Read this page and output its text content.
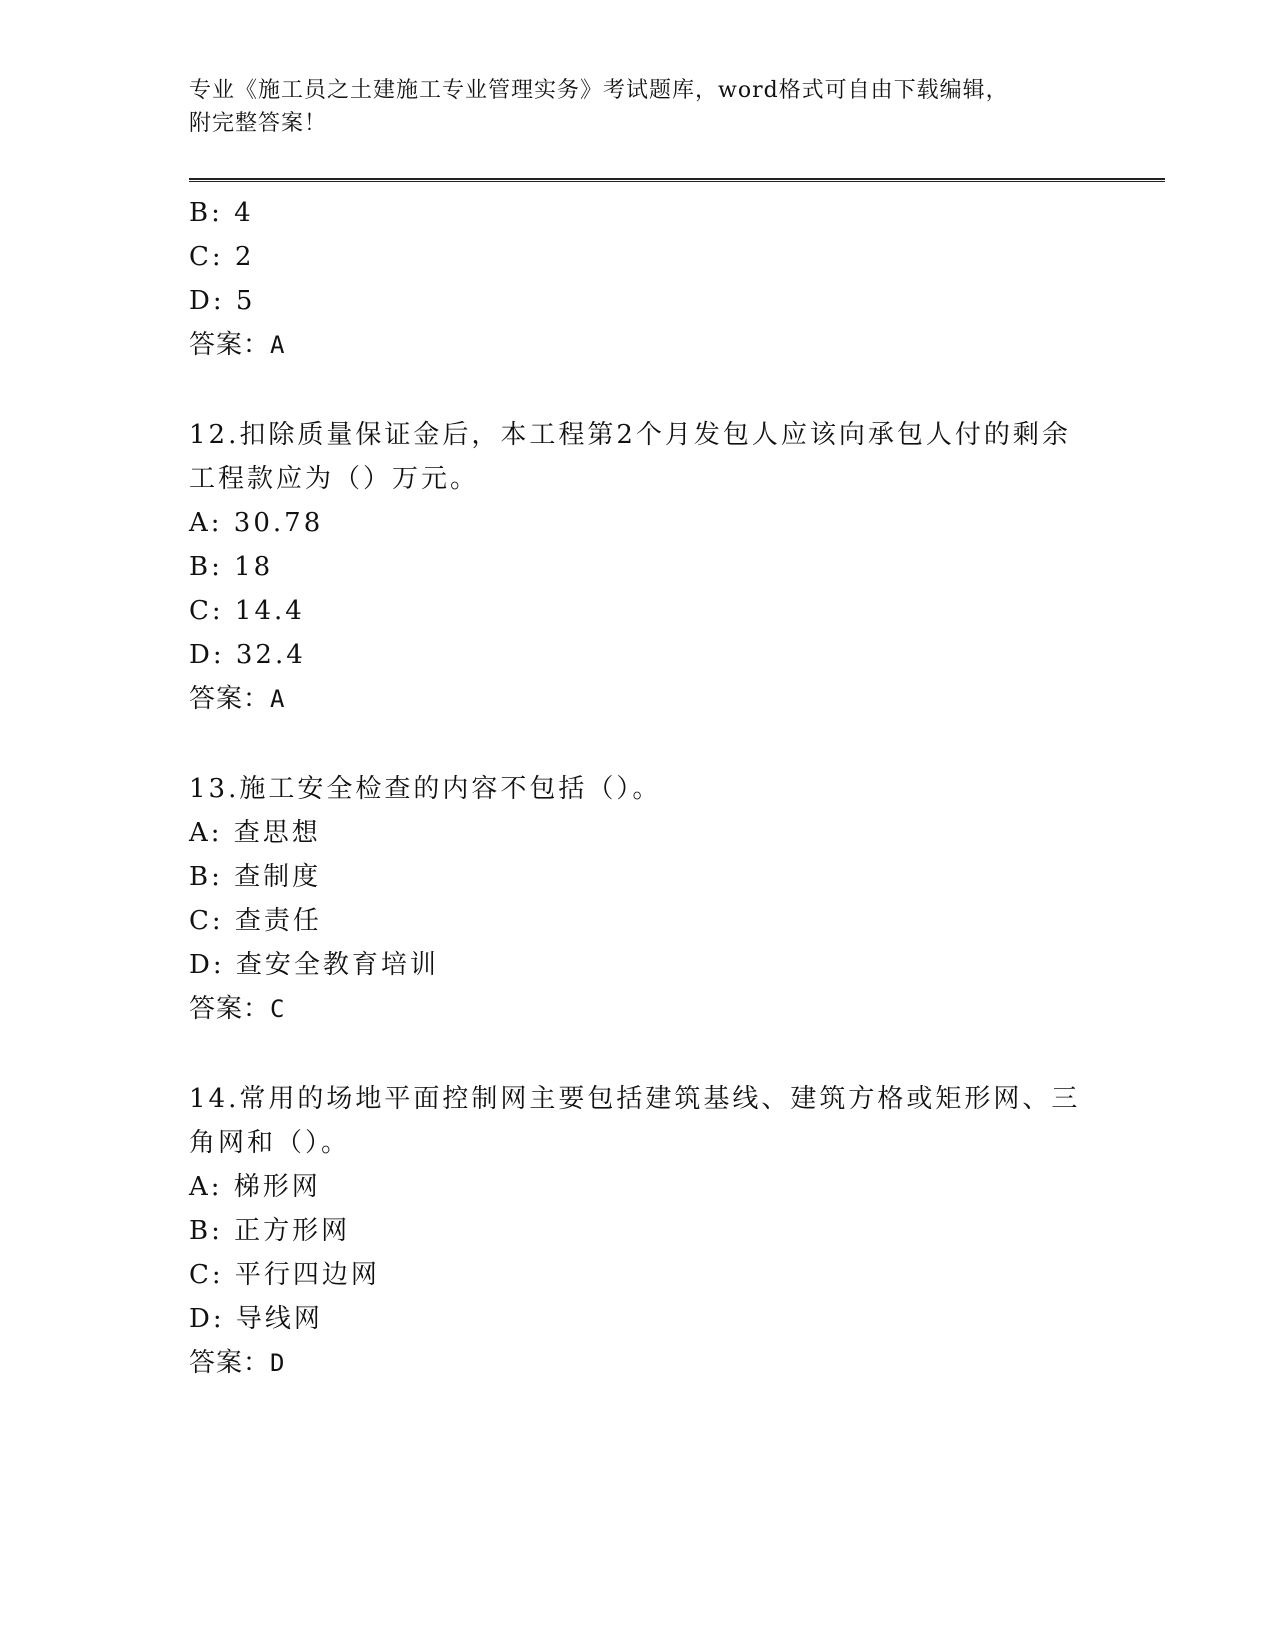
专业《施工员之土建施工专业管理实务》考试题库，word格式可自由下载编辑，
附完整答案！
B: 4
C: 2
D: 5
答案：A
12.扣除质量保证金后，本工程第2个月发包人应该向承包人付的剩余
工程款应为（）万元。
A: 30.78
B: 18
C: 14.4
D: 32.4
答案：A
13.施工安全检查的内容不包括（）。
A: 查思想
B: 查制度
C: 查责任
D: 查安全教育培训
答案：C
14.常用的场地平面控制网主要包括建筑基线、建筑方格或矩形网、三
角网和（）。
A: 梯形网
B: 正方形网
C: 平行四边网
D: 导线网
答案：D
